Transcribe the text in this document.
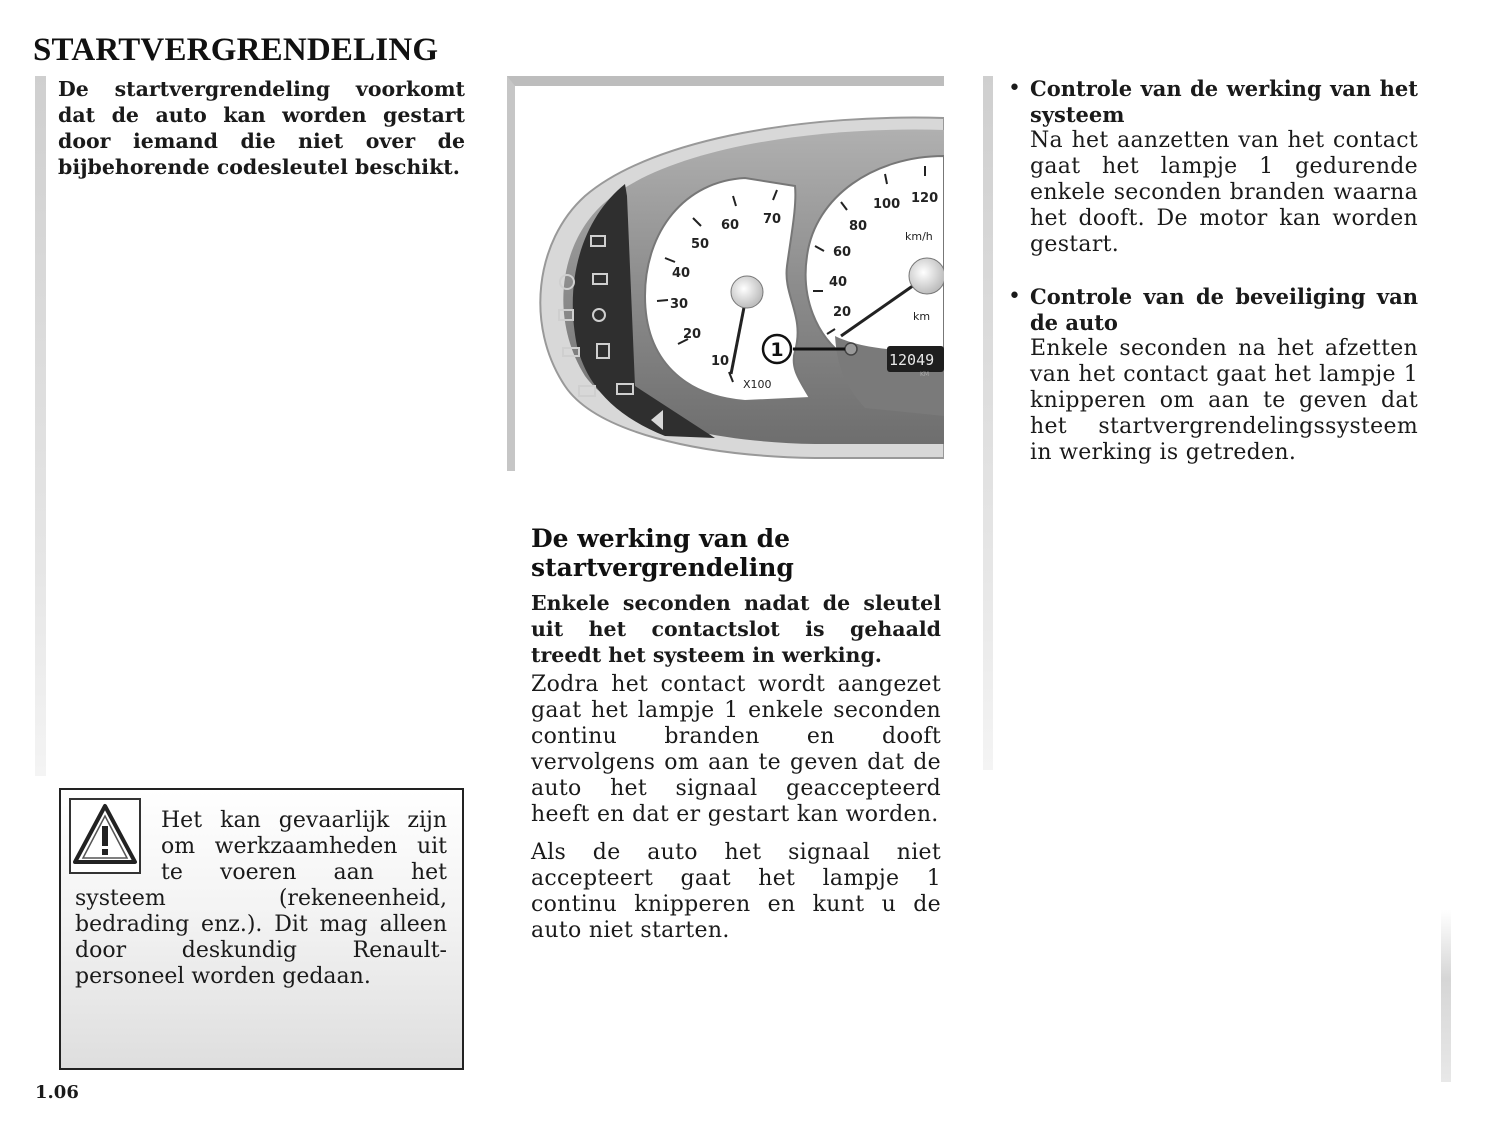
STARTVERGRENDELING

De startvergrendeling voorkomt dat de auto kan worden gestart door iemand die niet over de bijbehorende codesleutel beschikt.

Het kan gevaarlijk zijn om werkzaamheden uit te voeren aan het systeem (rekeneenheid, bedrading enz.). Dit mag alleen door deskundig Renault-personeel worden gedaan.

12049
KM
10
20
30
40
50
60 70
X100
20
40
60
80
100 120
km/h
km
1
De werking van de startvergrendeling

Enkele seconden nadat de sleutel uit het contactslot is gehaald treedt het systeem in werking.

Zodra het contact wordt aangezet gaat het lampje 1 enkele seconden continu branden en dooft vervolgens om aan te geven dat de auto het signaal geaccepteerd heeft en dat er gestart kan worden.

Als de auto het signaal niet accepteert gaat het lampje 1 continu knipperen en kunt u de auto niet starten.

• Controle van de werking van het systeem

Na het aanzetten van het contact gaat het lampje 1 gedurende enkele seconden branden waarna het dooft. De motor kan worden gestart.

• Controle van de beveiliging van de auto

Enkele seconden na het afzetten van het contact gaat het lampje 1 knipperen om aan te geven dat het startvergrendelingssysteem in werking is getreden.

1.06
